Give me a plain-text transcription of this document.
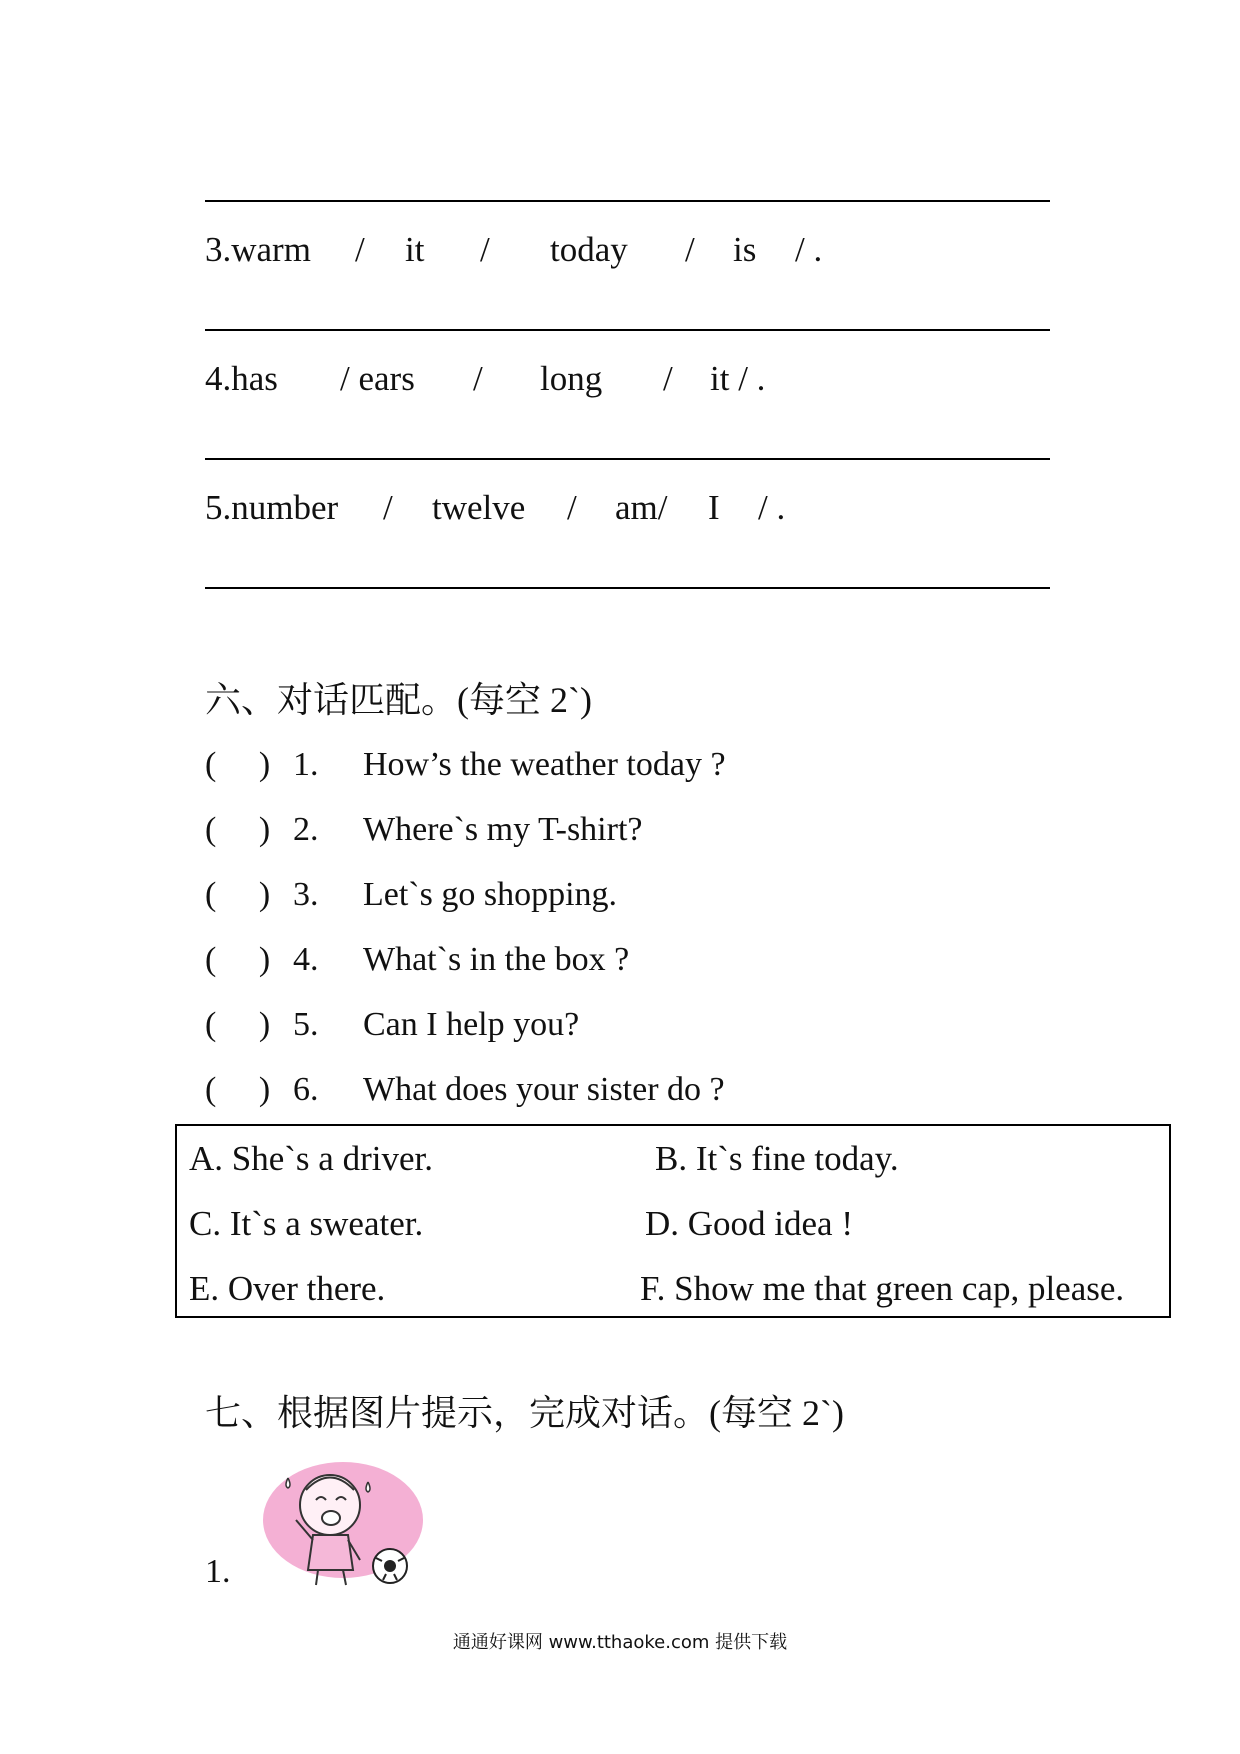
3.warm

/

it

/

today

/

is

/ .

4.has

/ ears

/

long

/

it / .

5.number

/

twelve

/

am/

I

/ .

六、对话匹配。(每空 2`)
(　 ) 1. How’s the weather today ?
(　 ) 2. Where`s my T-shirt?
(　 ) 3. Let`s go shopping.
(　 ) 4. What`s in the box ?
(　 ) 5. Can I help you?
(　 ) 6. What does your sister do ?
A. She`s a driver.	B. It`s fine today.
C. It`s a sweater.	D. Good idea !
E. Over there.	F. Show me that green cap, please.
七、根据图片提示，完成对话。(每空 2`)
1.
通通好课网 www.tthaoke.com 提供下载
